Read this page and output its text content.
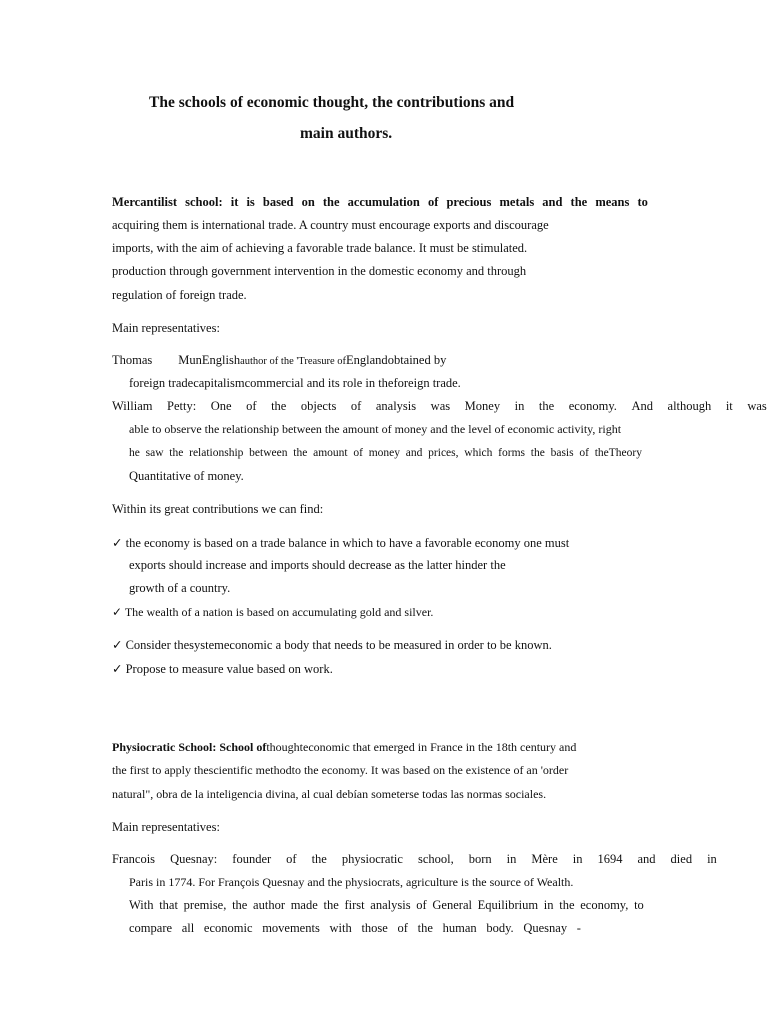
The schools of economic thought, the contributions and
main authors.
Mercantilist school: it is based on the accumulation of precious metals and the means to
acquiring them is international trade. A country must encourage exports and discourage
imports, with the aim of achieving a favorable trade balance. It must be stimulated.
production through government intervention in the domestic economy and through
regulation of foreign trade.
Main representatives:
Thomas MunEnglishauthor of the 'Treasure ofEnglandobtained by
foreign tradecapitalismcommercial and its role in theforeign trade.
William Petty: One of the objects of analysis was Money in the economy. And although it was
able to observe the relationship between the amount of money and the level of economic activity, right
he saw the relationship between the amount of money and prices, which forms the basis of theTheory
Quantitative of money.
Within its great contributions we can find:
✓ the economy is based on a trade balance in which to have a favorable economy one must
exports should increase and imports should decrease as the latter hinder the
growth of a country.
✓ The wealth of a nation is based on accumulating gold and silver.
✓ Consider thesystemeconomic a body that needs to be measured in order to be known.
✓ Propose to measure value based on work.
Physiocratic School: School ofthoughteconomic that emerged in France in the 18th century and
the first to apply thescientific methodto the economy. It was based on the existence of an 'order
natural", obra de la inteligencia divina, al cual debían someterse todas las normas sociales.
Main representatives:
Francois Quesnay: founder of the physiocratic school, born in Mère in 1694 and died in
Paris in 1774. For François Quesnay and the physiocrats, agriculture is the source of Wealth.
With that premise, the author made the first analysis of General Equilibrium in the economy, to
compare all economic movements with those of the human body. Quesnay -
